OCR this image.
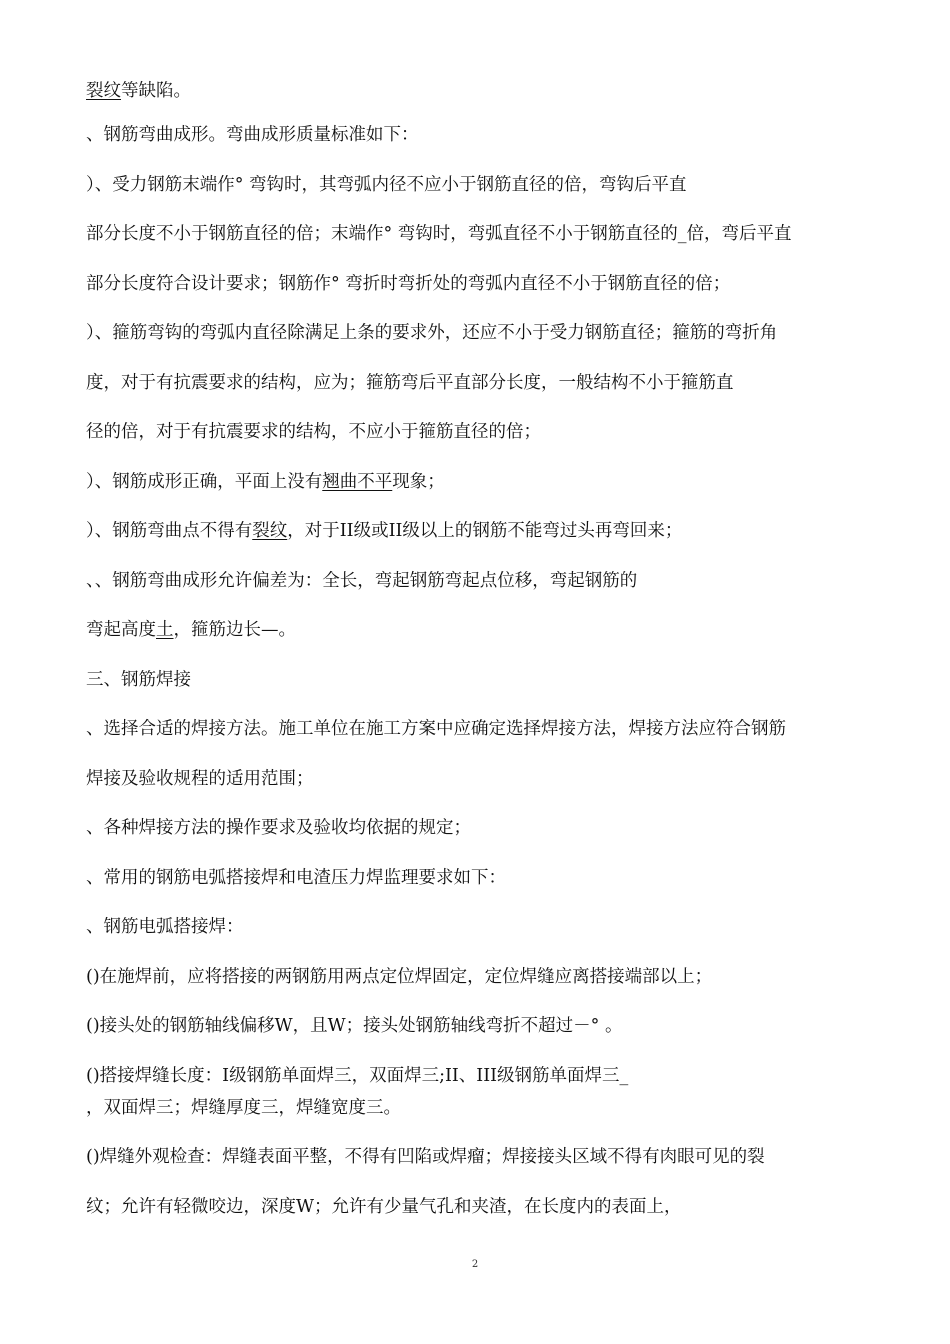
裂纹等缺陷。
、钢筋弯曲成形。弯曲成形质量标准如下：
）、受力钢筋末端作° 弯钩时，其弯弧内径不应小于钢筋直径的倍，弯钩后平直
部分长度不小于钢筋直径的倍；末端作° 弯钩时，弯弧直径不小于钢筋直径的_倍，弯后平直
部分长度符合设计要求；钢筋作° 弯折时弯折处的弯弧内直径不小于钢筋直径的倍；
）、箍筋弯钩的弯弧内直径除满足上条的要求外，还应不小于受力钢筋直径；箍筋的弯折角
度，对于有抗震要求的结构，应为；箍筋弯后平直部分长度，一般结构不小于箍筋直
径的倍，对于有抗震要求的结构，不应小于箍筋直径的倍；
）、钢筋成形正确，平面上没有翘曲不平现象；
）、钢筋弯曲点不得有裂纹，对于II级或II级以上的钢筋不能弯过头再弯回来；
、、钢筋弯曲成形允许偏差为：全长，弯起钢筋弯起点位移，弯起钢筋的
弯起高度土，箍筋边长—。
三、钢筋焊接
、选择合适的焊接方法。施工单位在施工方案中应确定选择焊接方法，焊接方法应符合钢筋
焊接及验收规程的适用范围；
、各种焊接方法的操作要求及验收均依据的规定；
、常用的钢筋电弧搭接焊和电渣压力焊监理要求如下：
、钢筋电弧搭接焊：
()在施焊前，应将搭接的两钢筋用两点定位焊固定，定位焊缝应离搭接端部以上；
()接头处的钢筋轴线偏移W，且W；接头处钢筋轴线弯折不超过－° 。
()搭接焊缝长度：I级钢筋单面焊三，双面焊三;II、III级钢筋单面焊三_
，双面焊三；焊缝厚度三，焊缝宽度三。
()焊缝外观检查：焊缝表面平整，不得有凹陷或焊瘤；焊接接头区域不得有肉眼可见的裂
纹；允许有轻微咬边，深度W；允许有少量气孔和夹渣，在长度内的表面上，
2
